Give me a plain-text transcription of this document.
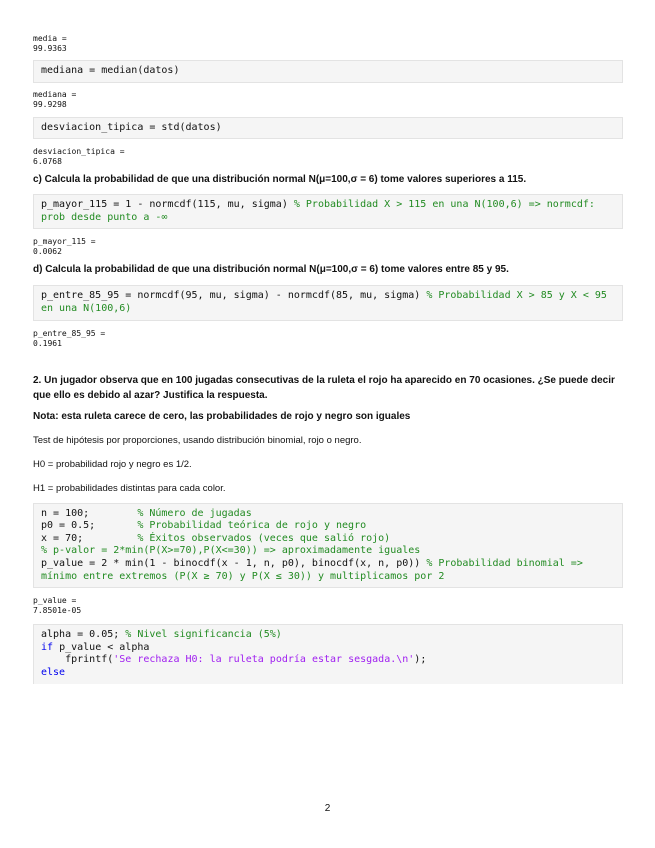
media =
99.9363
mediana = median(datos)
mediana =
99.9298
desviacion_tipica = std(datos)
desviacion_tipica =
6.0768

c) Calcula la probabilidad de que una distribución normal N(μ=100,σ = 6) tome valores superiores a 115.

p_mayor_115 = 1 - normcdf(115, mu, sigma) % Probabilidad X > 115 en una N(100,6) => normcdf: prob desde punto a -∞
p_mayor_115 =
0.0062

d) Calcula la probabilidad de que una distribución normal N(μ=100,σ = 6) tome valores entre 85 y 95.

p_entre_85_95 = normcdf(95, mu, sigma) - normcdf(85, mu, sigma) % Probabilidad X > 85 y X < 95 en una N(100,6)
p_entre_85_95 =
0.1961

2. Un jugador observa que en 100 jugadas consecutivas de la ruleta el rojo ha aparecido en 70 ocasiones. ¿Se puede decir que ello es debido al azar? Justifica la respuesta.

Nota: esta ruleta carece de cero, las probabilidades de rojo y negro son iguales

Test de hipótesis por proporciones, usando distribución binomial, rojo o negro.

H0 = probabilidad rojo y negro es 1/2.

H1 = probabilidades distintas para cada color.

n = 100;        % Número de jugadas
p0 = 0.5;       % Probabilidad teórica de rojo y negro
x = 70;         % Éxitos observados (veces que salió rojo)
% p-valor = 2*min(P(X>=70),P(X<=30)) => aproximadamente iguales
p_value = 2 * min(1 - binocdf(x - 1, n, p0), binocdf(x, n, p0)) % Probabilidad binomial => mínimo entre extremos (P(X ≥ 70) y P(X ≤ 30)) y multiplicamos por 2
p_value =
7.8501e-05
alpha = 0.05; % Nivel significancia (5%)
if p_value < alpha
fprintf('Se rechaza H0: la ruleta podría estar sesgada.\n');
else
2
